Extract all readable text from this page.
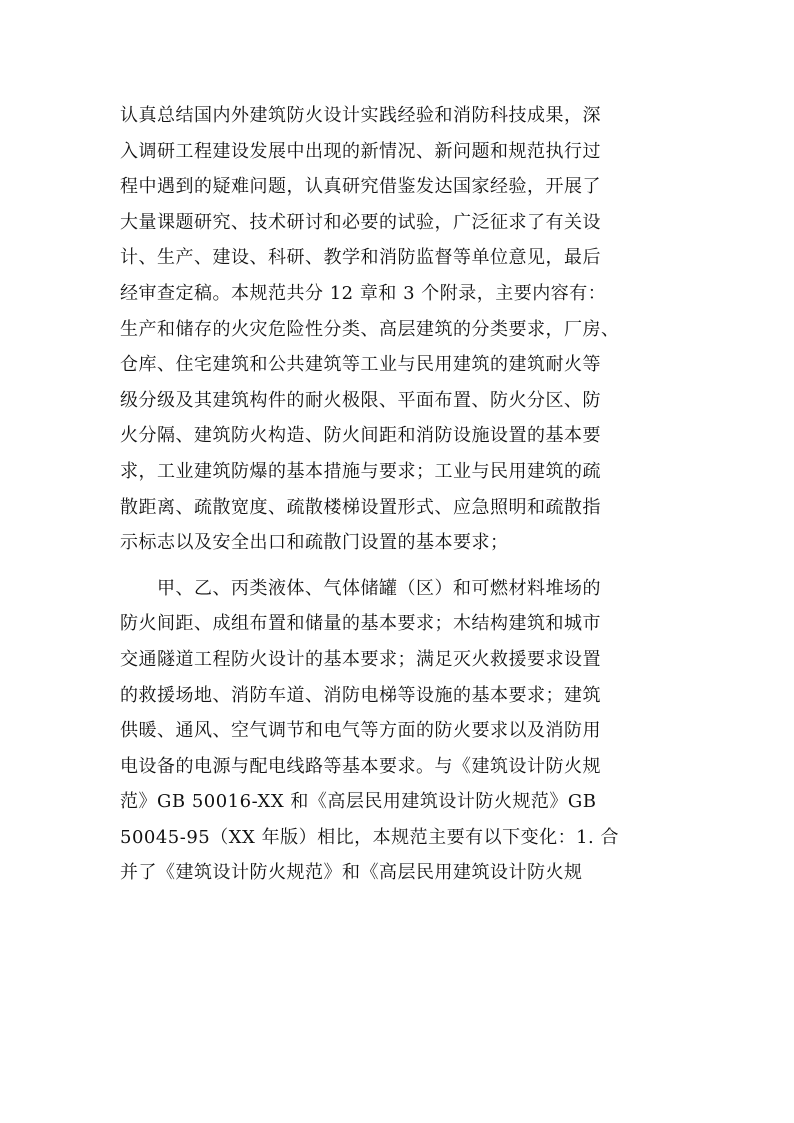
认真总结国内外建筑防火设计实践经验和消防科技成果，深
入调研工程建设发展中出现的新情况、新问题和规范执行过
程中遇到的疑难问题，认真研究借鉴发达国家经验，开展了
大量课题研究、技术研讨和必要的试验，广泛征求了有关设
计、生产、建设、科研、教学和消防监督等单位意见，最后
经审查定稿。本规范共分 12 章和 3 个附录，主要内容有：
生产和储存的火灾危险性分类、高层建筑的分类要求，厂房、
仓库、住宅建筑和公共建筑等工业与民用建筑的建筑耐火等
级分级及其建筑构件的耐火极限、平面布置、防火分区、防
火分隔、建筑防火构造、防火间距和消防设施设置的基本要
求，工业建筑防爆的基本措施与要求；工业与民用建筑的疏
散距离、疏散宽度、疏散楼梯设置形式、应急照明和疏散指
示标志以及安全出口和疏散门设置的基本要求；
　　甲、乙、丙类液体、气体储罐（区）和可燃材料堆场的
防火间距、成组布置和储量的基本要求；木结构建筑和城市
交通隧道工程防火设计的基本要求；满足灭火救援要求设置
的救援场地、消防车道、消防电梯等设施的基本要求；建筑
供暖、通风、空气调节和电气等方面的防火要求以及消防用
电设备的电源与配电线路等基本要求。与《建筑设计防火规
范》GB 50016-XX 和《高层民用建筑设计防火规范》GB
50045-95（XX 年版）相比，本规范主要有以下变化：1. 合
并了《建筑设计防火规范》和《高层民用建筑设计防火规
